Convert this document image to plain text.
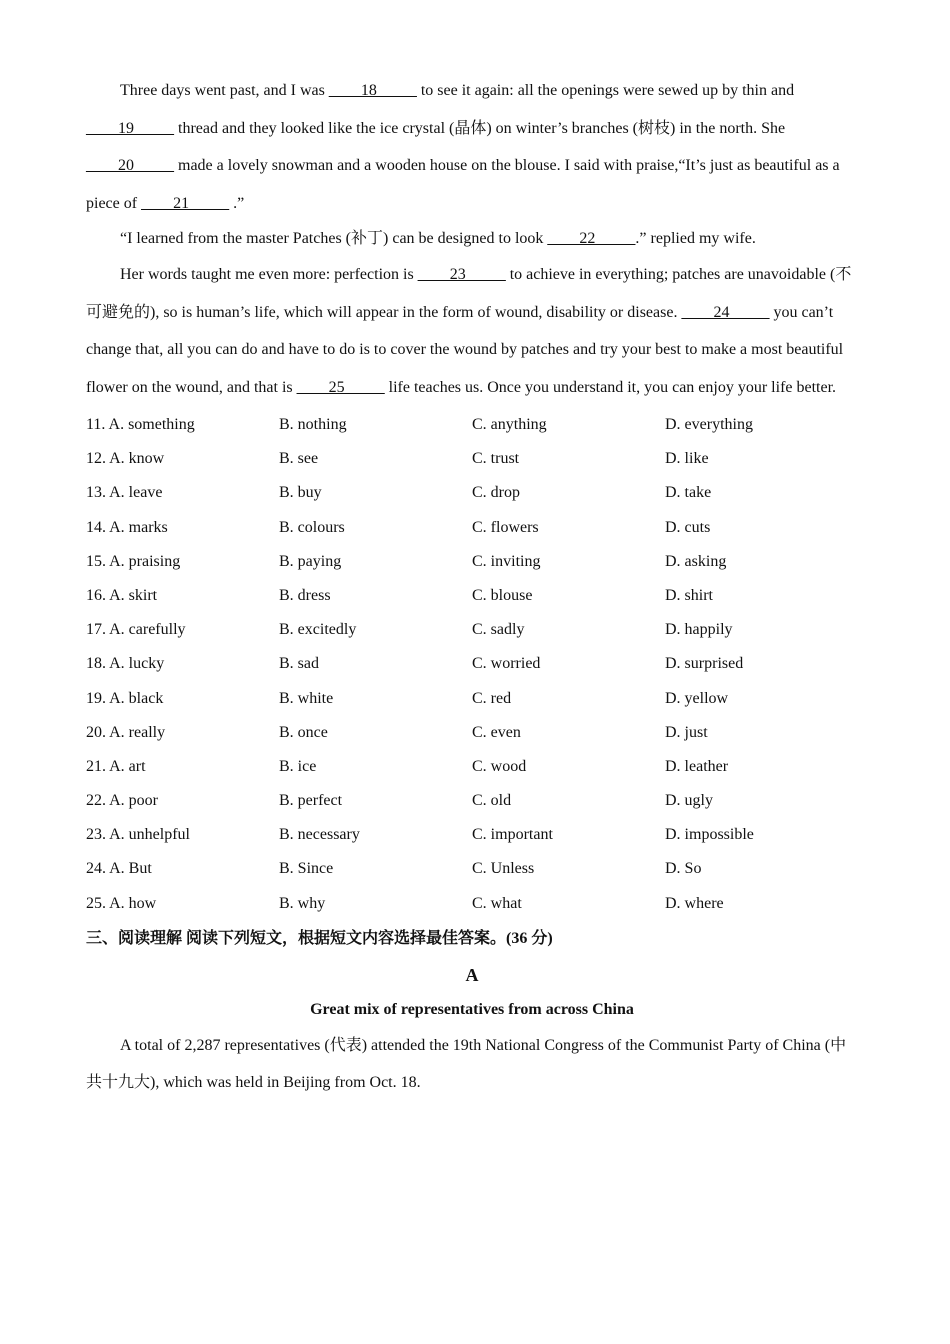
Three days went past, and I was ____18_____ to see it again: all the openings were sewed up by thin and ____19_____ thread and they looked like the ice crystal (晶体) on winter’s branches (树枝) in the north. She ____20_____ made a lovely snowman and a wooden house on the blouse. I said with praise,“It’s just as beautiful as a piece of ____21_____ .”

“I learned from the master Patches (补丁) can be designed to look ____22_____.” replied my wife.

Her words taught me even more: perfection is ____23_____ to achieve in everything; patches are unavoidable (不可避免的), so is human’s life, which will appear in the form of wound, disability or disease. ____24_____ you can’t change that, all you can do and have to do is to cover the wound by patches and try your best to make a most beautiful flower on the wound, and that is ____25_____ life teaches us. Once you understand it, you can enjoy your life better.

11. A. something	B. nothing	C. anything	D. everything
12. A. know	B. see	C. trust	D. like
13. A. leave	B. buy	C. drop	D. take
14. A. marks	B. colours	C. flowers	D. cuts
15. A. praising	B. paying	C. inviting	D. asking
16. A. skirt	B. dress	C. blouse	D. shirt
17. A. carefully	B. excitedly	C. sadly	D. happily
18. A. lucky	B. sad	C. worried	D. surprised
19. A. black	B. white	C. red	D. yellow
20. A. really	B. once	C. even	D. just
21. A. art	B. ice	C. wood	D. leather
22. A. poor	B. perfect	C. old	D. ugly
23. A. unhelpful	B. necessary	C. important	D. impossible
24. A. But	B. Since	C. Unless	D. So
25. A. how	B. why	C. what	D. where

三、阅读理解 阅读下列短文，根据短文内容选择最佳答案。(36 分)

A

Great mix of representatives from across China

A total of 2,287 representatives (代表) attended the 19th National Congress of the Communist Party of China (中共十九大), which was held in Beijing from Oct. 18.
